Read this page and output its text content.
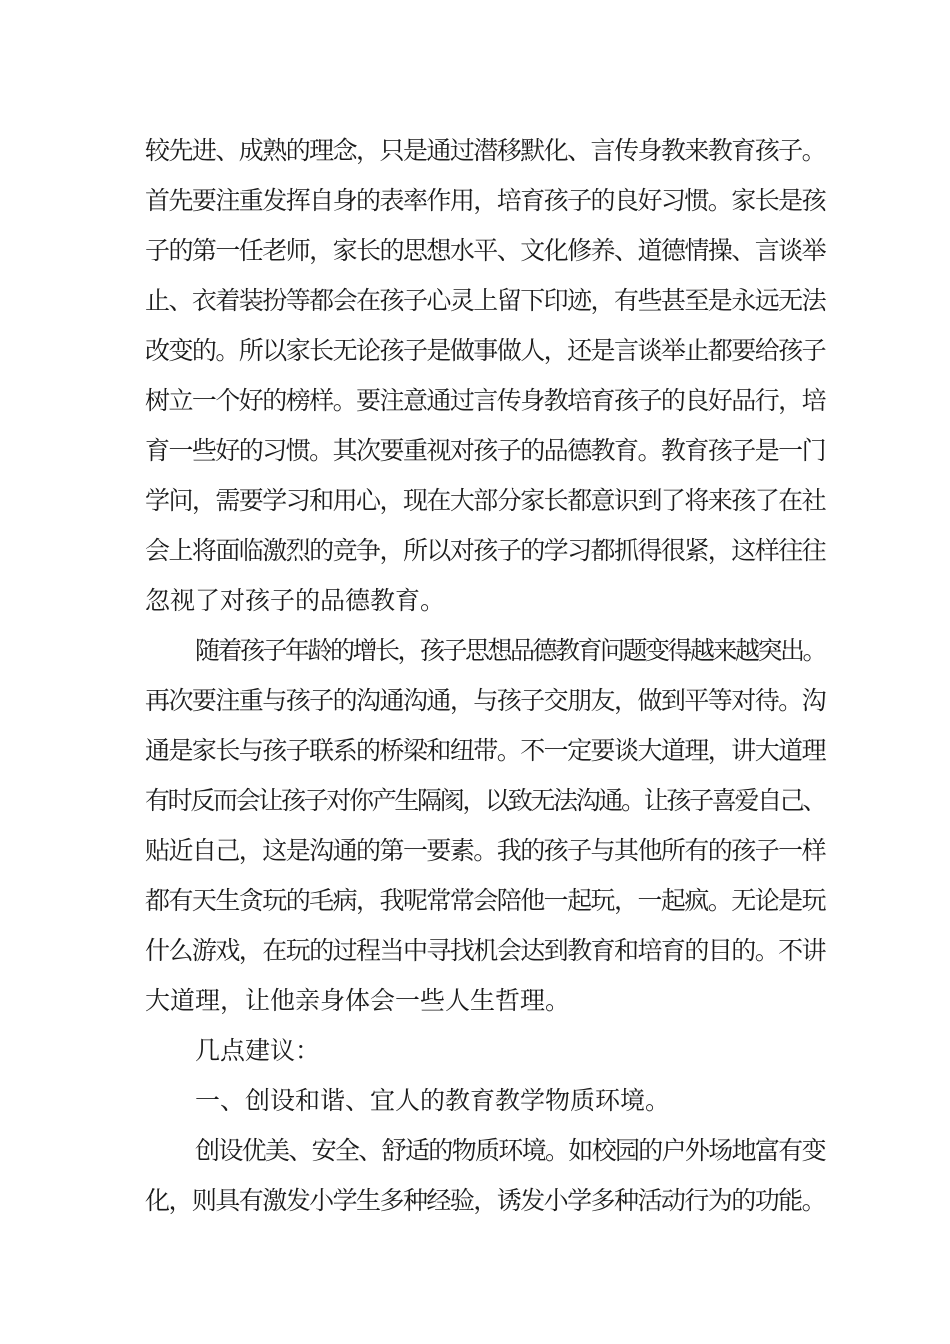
较先进、成熟的理念，只是通过潜移默化、言传身教来教育孩子。
首先要注重发挥自身的表率作用，培育孩子的良好习惯。家长是孩
子的第一任老师，家长的思想水平、文化修养、道德情操、言谈举
止、衣着装扮等都会在孩子心灵上留下印迹，有些甚至是永远无法
改变的。所以家长无论孩子是做事做人，还是言谈举止都要给孩子
树立一个好的榜样。要注意通过言传身教培育孩子的良好品行，培
育一些好的习惯。其次要重视对孩子的品德教育。教育孩子是一门
学问，需要学习和用心，现在大部分家长都意识到了将来孩了在社
会上将面临激烈的竞争，所以对孩子的学习都抓得很紧，这样往往
忽视了对孩子的品德教育。
随着孩子年龄的增长，孩子思想品德教育问题变得越来越突出。
再次要注重与孩子的沟通沟通，与孩子交朋友，做到平等对待。沟
通是家长与孩子联系的桥梁和纽带。不一定要谈大道理，讲大道理
有时反而会让孩子对你产生隔阂，以致无法沟通。让孩子喜爱自己、
贴近自己，这是沟通的第一要素。我的孩子与其他所有的孩子一样
都有天生贪玩的毛病，我呢常常会陪他一起玩，一起疯。无论是玩
什么游戏，在玩的过程当中寻找机会达到教育和培育的目的。不讲
大道理，让他亲身体会一些人生哲理。
几点建议：
一、创设和谐、宜人的教育教学物质环境。
创设优美、安全、舒适的物质环境。如校园的户外场地富有变
化，则具有激发小学生多种经验，诱发小学多种活动行为的功能。
